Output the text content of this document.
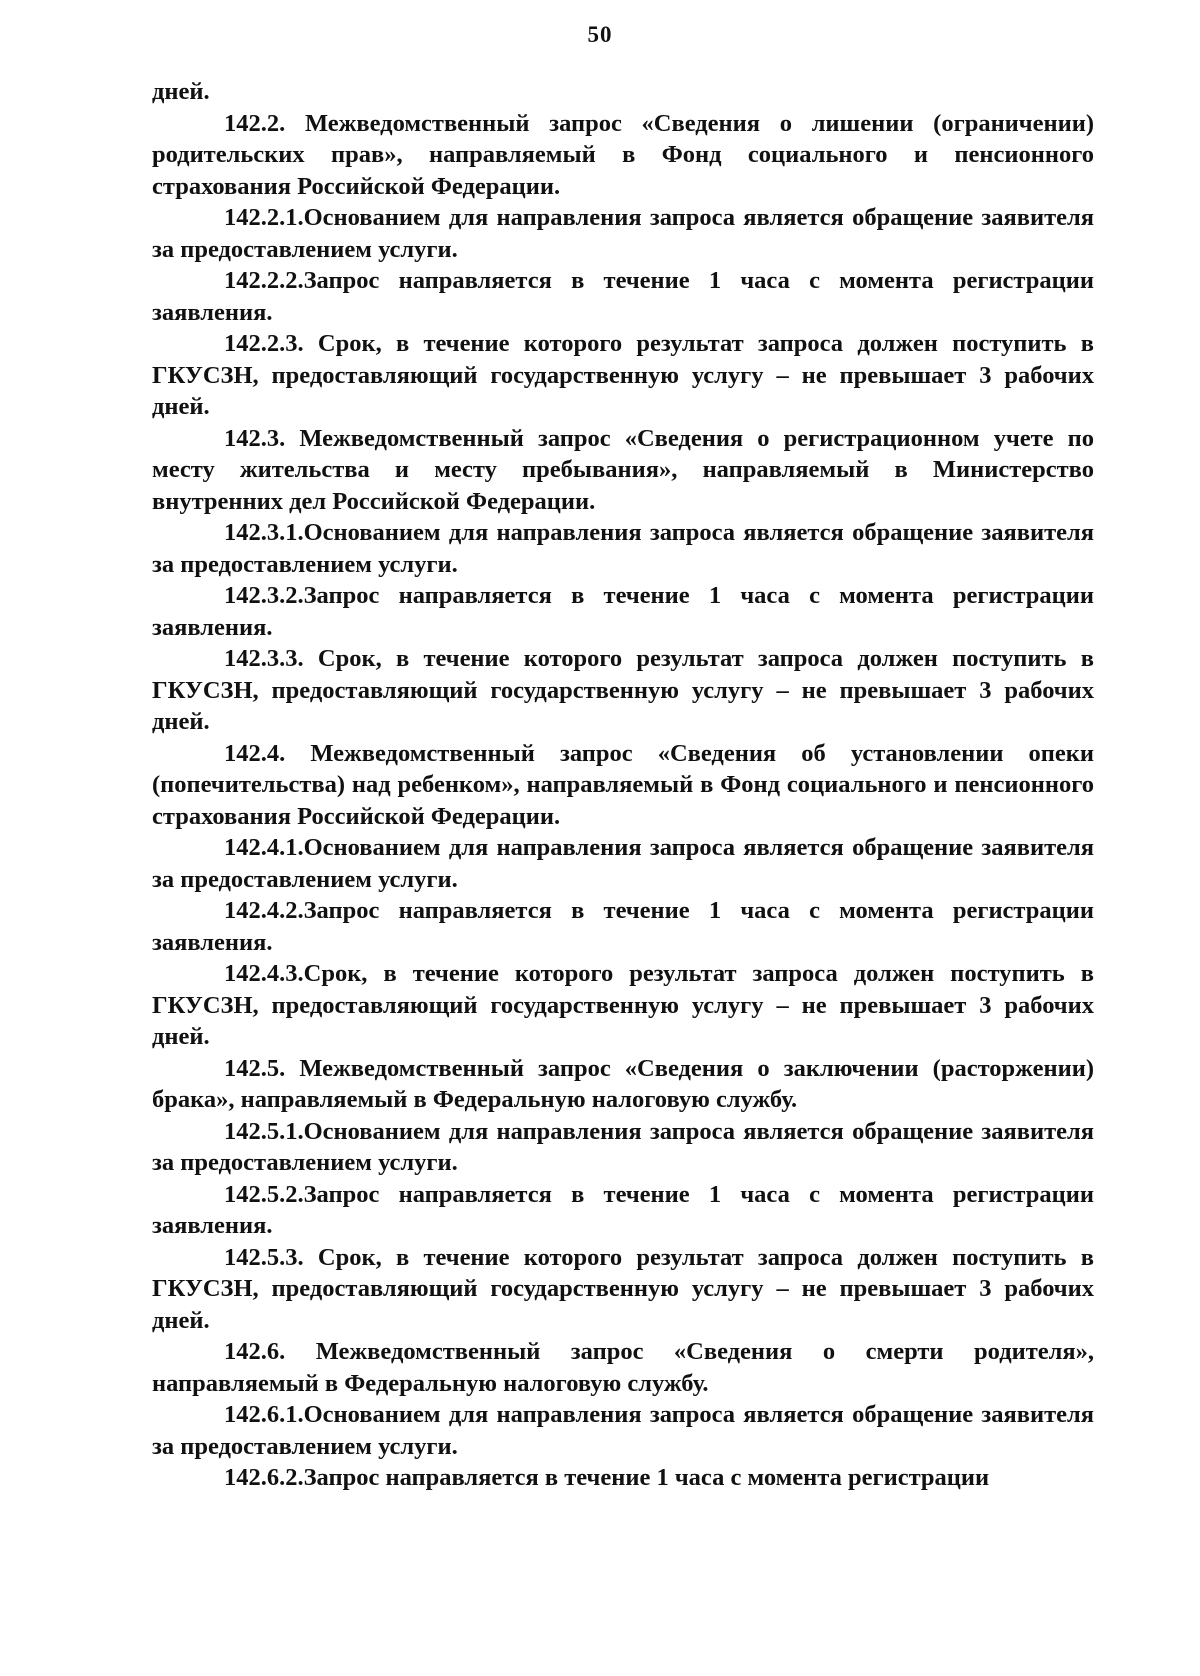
50

дней.

142.2. Межведомственный запрос «Сведения о лишении (ограничении) родительских прав», направляемый в Фонд социального и пенсионного страхования Российской Федерации.

142.2.1.Основанием для направления запроса является обращение заявителя за предоставлением услуги.

142.2.2.Запрос направляется в течение 1 часа с момента регистрации заявления.

142.2.3. Срок, в течение которого результат запроса должен поступить в ГКУСЗН, предоставляющий государственную услугу – не превышает 3 рабочих дней.

142.3. Межведомственный запрос «Сведения о регистрационном учете по месту жительства и месту пребывания», направляемый в Министерство внутренних дел Российской Федерации.

142.3.1.Основанием для направления запроса является обращение заявителя за предоставлением услуги.

142.3.2.Запрос направляется в течение 1 часа с момента регистрации заявления.

142.3.3. Срок, в течение которого результат запроса должен поступить в ГКУСЗН, предоставляющий государственную услугу – не превышает 3 рабочих дней.

142.4. Межведомственный запрос «Сведения об установлении опеки (попечительства) над ребенком», направляемый в Фонд социального и пенсионного страхования Российской Федерации.

142.4.1.Основанием для направления запроса является обращение заявителя за предоставлением услуги.

142.4.2.Запрос направляется в течение 1 часа с момента регистрации заявления.

142.4.3.Срок, в течение которого результат запроса должен поступить в ГКУСЗН, предоставляющий государственную услугу – не превышает 3 рабочих дней.

142.5. Межведомственный запрос «Сведения о заключении (расторжении) брака», направляемый в Федеральную налоговую службу.

142.5.1.Основанием для направления запроса является обращение заявителя за предоставлением услуги.

142.5.2.Запрос направляется в течение 1 часа с момента регистрации заявления.

142.5.3. Срок, в течение которого результат запроса должен поступить в ГКУСЗН, предоставляющий государственную услугу – не превышает 3 рабочих дней.

142.6. Межведомственный запрос «Сведения о смерти родителя», направляемый в Федеральную налоговую службу.

142.6.1.Основанием для направления запроса является обращение заявителя за предоставлением услуги.

142.6.2.Запрос направляется в течение 1 часа с момента регистрации
